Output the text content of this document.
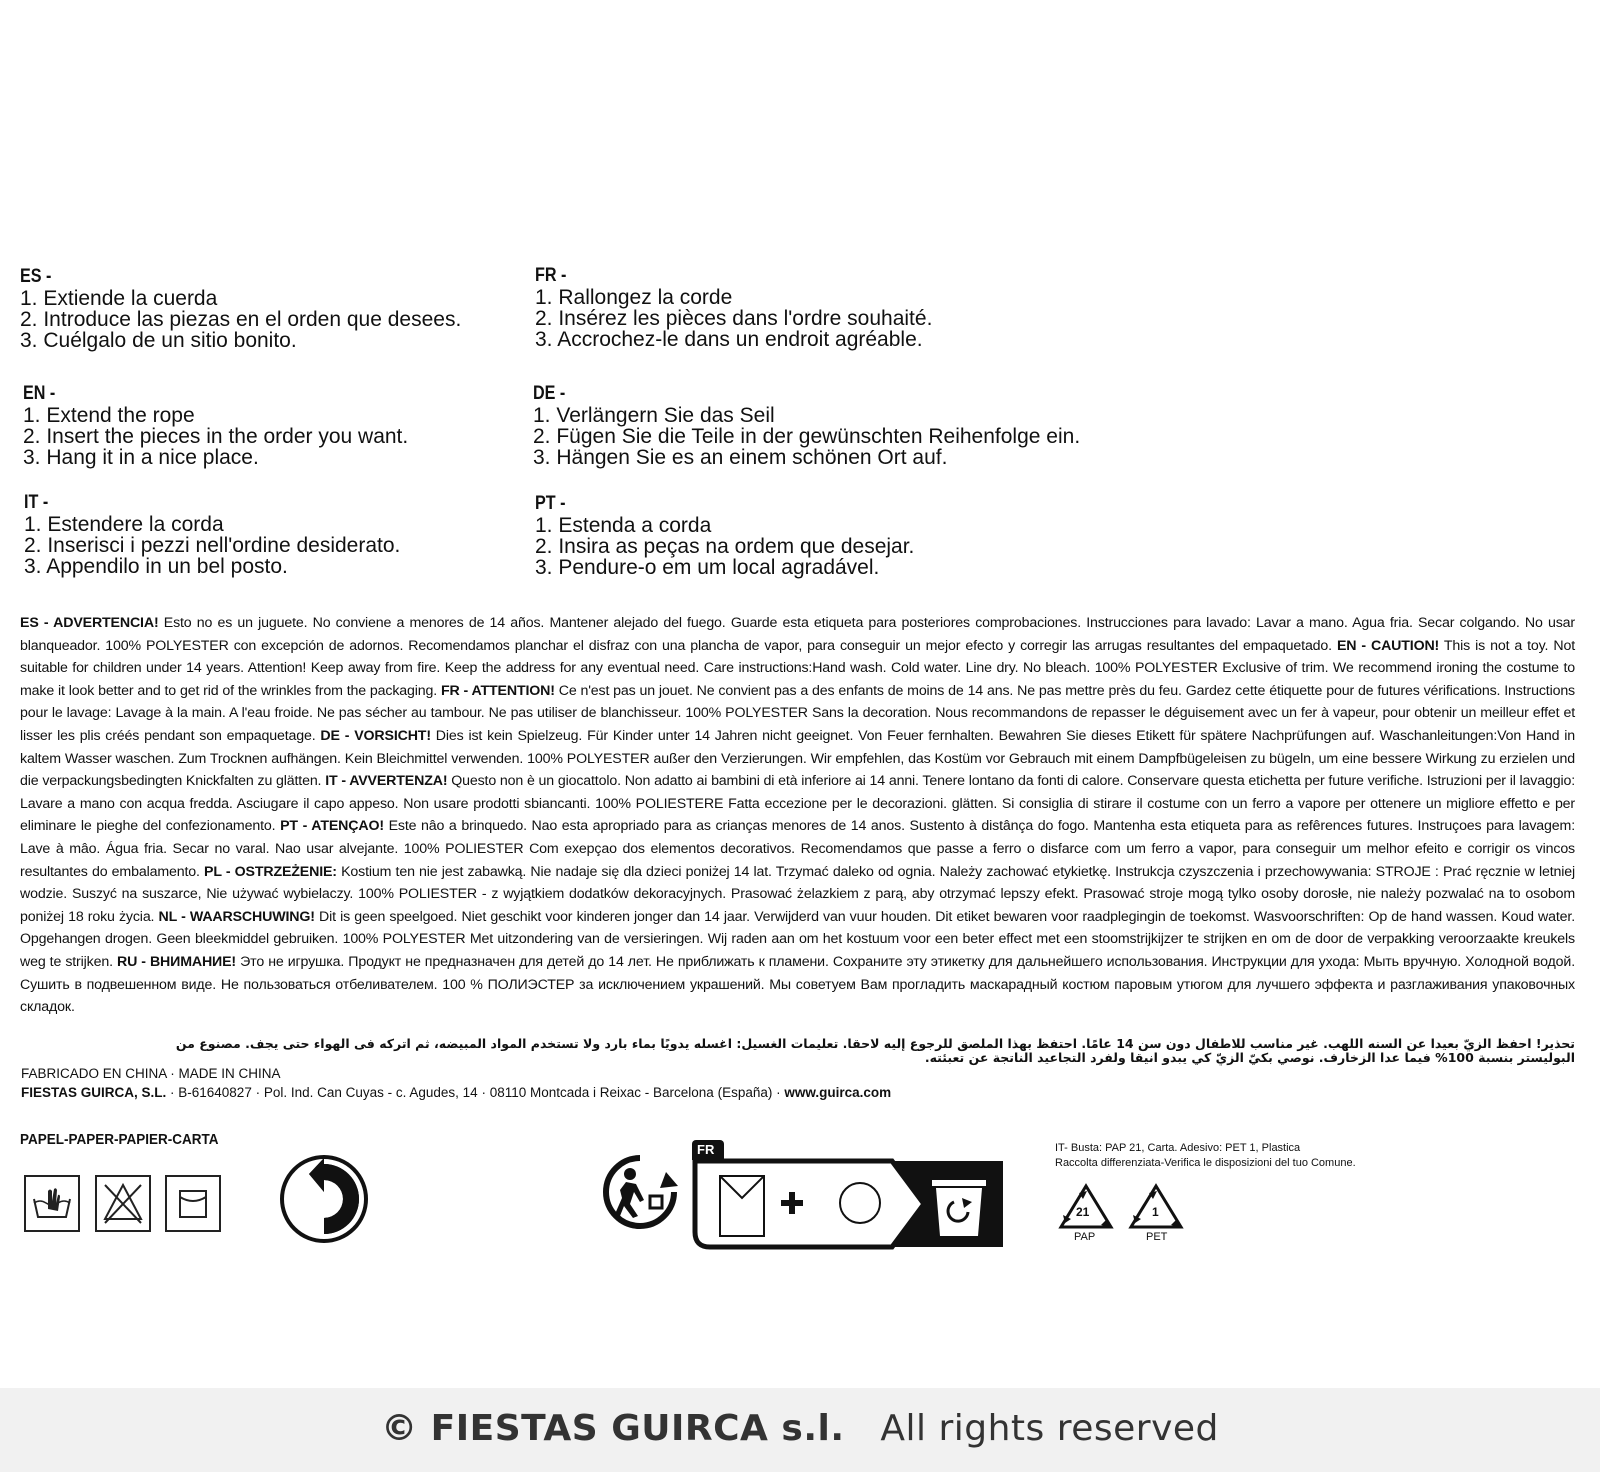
ES -
1. Extiende la cuerda
2. Introduce las piezas en el orden que desees.
3. Cuélgalo de un sitio bonito.
FR -
1. Rallongez la corde
2. Insérez les pièces dans l'ordre souhaité.
3. Accrochez-le dans un endroit agréable.
EN -
1. Extend the rope
2. Insert the pieces in the order you want.
3. Hang it in a nice place.
DE -
1. Verlängern Sie das Seil
2. Fügen Sie die Teile in der gewünschten Reihenfolge ein.
3. Hängen Sie es an einem schönen Ort auf.
IT -
1. Estendere la corda
2. Inserisci i pezzi nell'ordine desiderato.
3. Appendilo in un bel posto.
PT -
1. Estenda a corda
2. Insira as peças na ordem que desejar.
3. Pendure-o em um local agradável.
ES - ADVERTENCIA! Esto no es un juguete. No conviene a menores de 14 años. Mantener alejado del fuego. Guarde esta etiqueta para posteriores comprobaciones. Instrucciones para lavado: Lavar a mano. Agua fria. Secar colgando. No usar blanqueador. 100% POLYESTER con excepción de adornos. Recomendamos planchar el disfraz con una plancha de vapor, para conseguir un mejor efecto y corregir las arrugas resultantes del empaquetado. EN - CAUTION! This is not a toy. Not suitable for children under 14 years. Attention! Keep away from fire. Keep the address for any eventual need. Care instructions:Hand wash. Cold water. Line dry. No bleach. 100% POLYESTER Exclusive of trim. We recommend ironing the costume to make it look better and to get rid of the wrinkles from the packaging. FR - ATTENTION! Ce n'est pas un jouet. Ne convient pas a des enfants de moins de 14 ans. Ne pas mettre près du feu. Gardez cette étiquette pour de futures vérifications. Instructions pour le lavage: Lavage à la main. A l'eau froide. Ne pas sécher au tambour. Ne pas utiliser de blanchisseur. 100% POLYESTER Sans la decoration. Nous recommandons de repasser le déguisement avec un fer à vapeur, pour obtenir un meilleur effet et lisser les plis créés pendant son empaquetage. DE - VORSICHT! Dies ist kein Spielzeug. Für Kinder unter 14 Jahren nicht geeignet. Von Feuer fernhalten. Bewahren Sie dieses Etikett für spätere Nachprüfungen auf. Waschanleitungen:Von Hand in kaltem Wasser waschen. Zum Trocknen aufhängen. Kein Bleichmittel verwenden. 100% POLYESTER außer den Verzierungen. Wir empfehlen, das Kostüm vor Gebrauch mit einem Dampfbügeleisen zu bügeln, um eine bessere Wirkung zu erzielen und die verpackungsbedingten Knickfalten zu glätten. IT - AVVERTENZA! Questo non è un giocattolo. Non adatto ai bambini di età inferiore ai 14 anni. Tenere lontano da fonti di calore. Conservare questa etichetta per future verifiche. Istruzioni per il lavaggio: Lavare a mano con acqua fredda. Asciugare il capo appeso. Non usare prodotti sbiancanti. 100% POLIESTERE Fatta eccezione per le decorazioni. glätten. Si consiglia di stirare il costume con un ferro a vapore per ottenere un migliore effetto e per eliminare le pieghe del confezionamento. PT - ATENÇAO! Este nâo a brinquedo. Nao esta apropriado para as crianças menores de 14 anos. Sustento à distânça do fogo. Mantenha esta etiqueta para as refêrences futures. Instruçoes para lavagem: Lave à mâo. Água fria. Secar no varal. Nao usar alvejante. 100% POLIESTER Com exepçao dos elementos decorativos. Recomendamos que passe a ferro o disfarce com um ferro a vapor, para conseguir um melhor efeito e corrigir os vincos resultantes do embalamento. PL - OSTRZEŻENIE: Kostium ten nie jest zabawką. Nie nadaje się dla dzieci poniżej 14 lat. Trzymać daleko od ognia. Należy zachować etykietkę. Instrukcja czyszczenia i przechowywania: STROJE : Prać ręcznie w letniej wodzie. Suszyć na suszarce, Nie używać wybielaczy. 100% POLIESTER - z wyjątkiem dodatków dekoracyjnych. Prasować żelazkiem z parą, aby otrzymać lepszy efekt. Prasować stroje mogą tylko osoby dorosłe, nie należy pozwalać na to osobom poniżej 18 roku życia. NL - WAARSCHUWING! Dit is geen speelgoed. Niet geschikt voor kinderen jonger dan 14 jaar. Verwijderd van vuur houden. Dit etiket bewaren voor raadplegingin de toekomst. Wasvoorschriften: Op de hand wassen. Koud water. Opgehangen drogen. Geen bleekmiddel gebruiken. 100% POLYESTER Met uitzondering van de versieringen. Wij raden aan om het kostuum voor een beter effect met een stoomstrijkijzer te strijken en om de door de verpakking veroorzaakte kreukels weg te strijken. RU - ВНИМАНИЕ! Это не игрушка. Продукт не предназначен для детей до 14 лет. Не приближать к пламени. Сохраните эту этикетку для дальнейшего использования. Инструкции для ухода: Мыть вручную. Холодной водой. Сушить в подвешенном виде. Не пользоваться отбеливателем. 100 % ПОЛИЭСТЕР за исключением украшений. Мы советуем Вам прогладить маскарадный костюм паровым утюгом для лучшего эффекта и разглаживания упаковочных складок.
تحذير! احفظ الزيّ بعيدا عن السنه اللهب. غير مناسب للاطفال دون سن 14 عامًا. احتفظ بهذا الملصق للرجوع إليه لاحقا. تعليمات الغسيل: اغسله يدويًا بماء بارد ولا تستخدم المواد المبيضه، ثم اتركه فى الهواء حتى يجف. مصنوع من البوليستر بنسبة 100% فيما عدا الزخارف. نوصي بكيّ الزيّ كي يبدو انيقا ولفرد التجاعيد الناتجة عن تعبئته.
FABRICADO EN CHINA · MADE IN CHINA
FIESTAS GUIRCA, S.L. · B-61640827 · Pol. Ind. Can Cuyas - c. Agudes, 14 · 08110 Montcada i Reixac - Barcelona (España) · www.guirca.com
PAPEL-PAPER-PAPIER-CARTA
FR	IT- Busta: PAP 21, Carta. Adesivo: PET 1, Plastica
Raccolta differenziata-Verifica le disposizioni del tuo Comune.
21
PAP
1
PET
© FIESTAS GUIRCA s.l. All rights reserved
